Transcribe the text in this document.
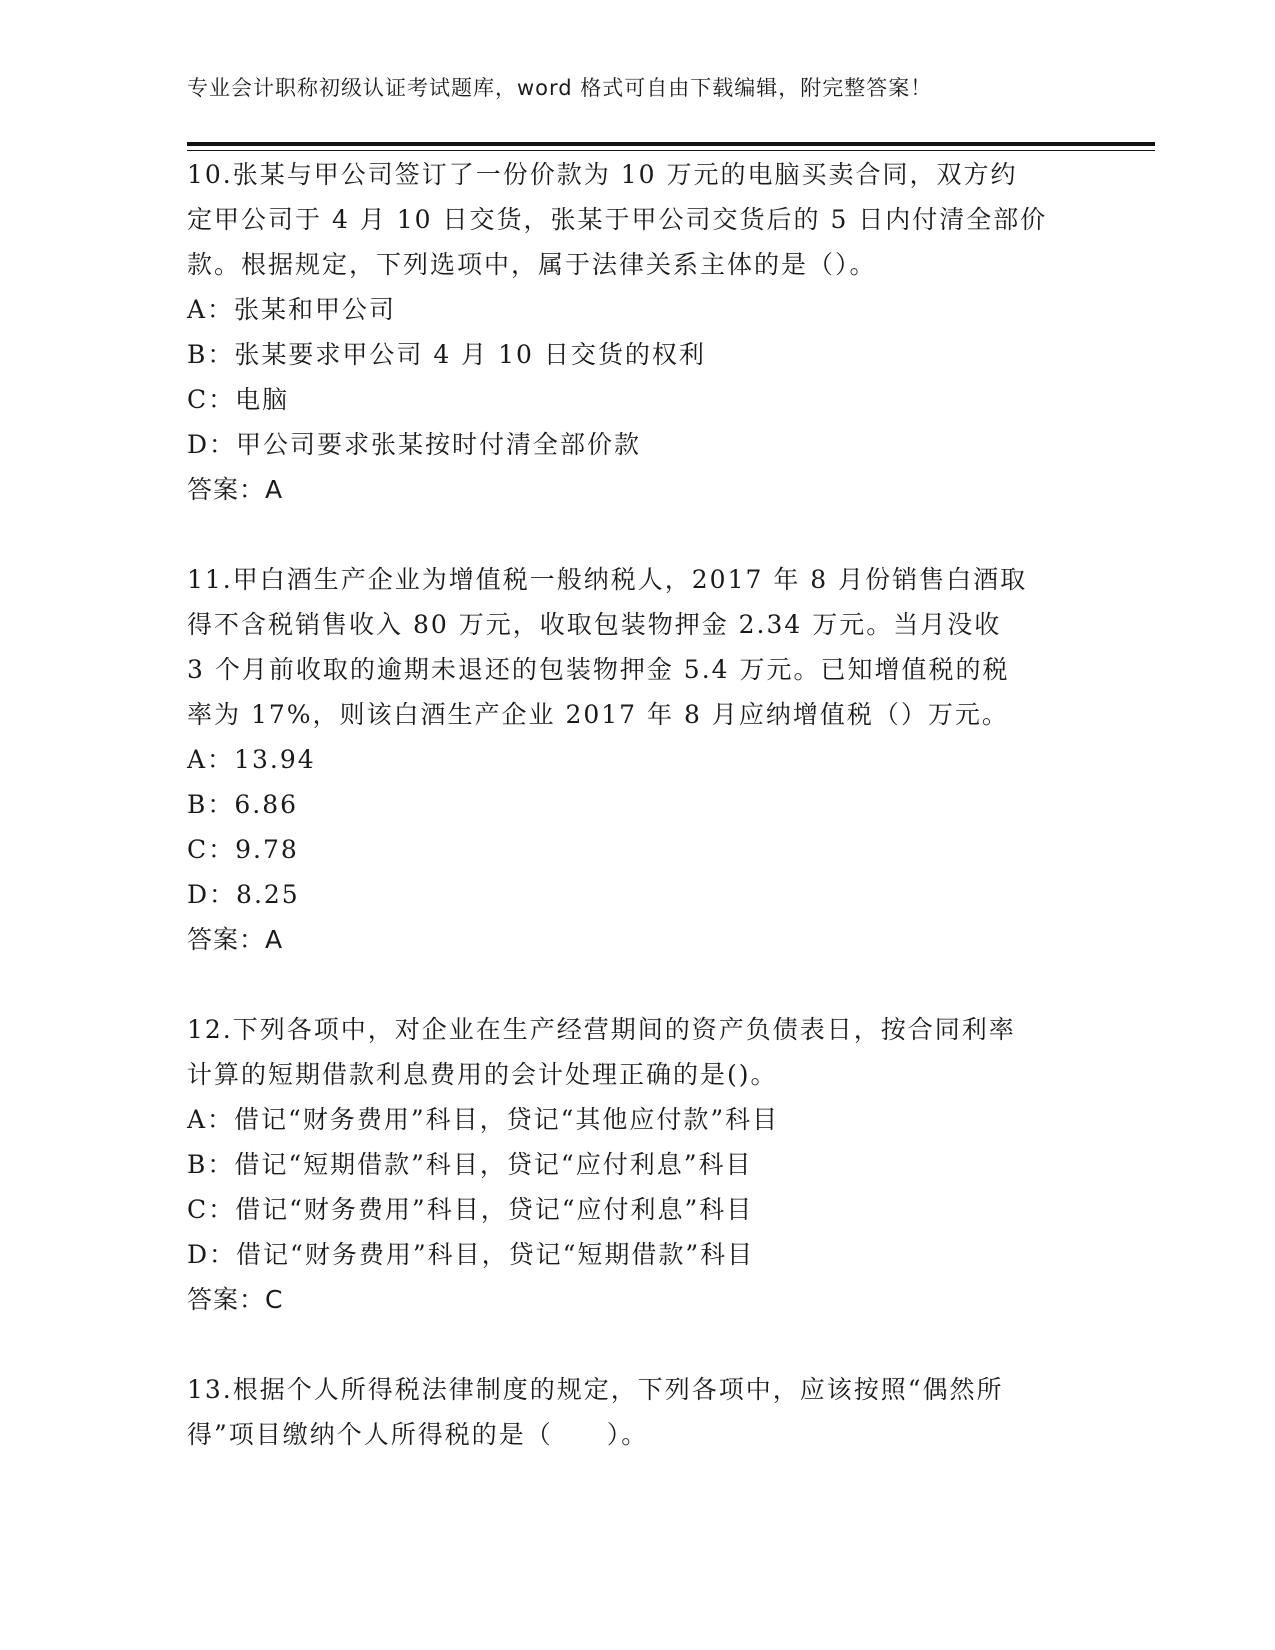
专业会计职称初级认证考试题库，word 格式可自由下载编辑，附完整答案！
10.张某与甲公司签订了一份价款为 10 万元的电脑买卖合同，双方约
定甲公司于 4 月 10 日交货，张某于甲公司交货后的 5 日内付清全部价
款。根据规定，下列选项中，属于法律关系主体的是（）。
A：张某和甲公司
B：张某要求甲公司 4 月 10 日交货的权利
C：电脑
D：甲公司要求张某按时付清全部价款
答案：A
11.甲白酒生产企业为增值税一般纳税人，2017 年 8 月份销售白酒取
得不含税销售收入 80 万元，收取包装物押金 2.34 万元。当月没收
3 个月前收取的逾期未退还的包装物押金 5.4 万元。已知增值税的税
率为 17%，则该白酒生产企业 2017 年 8 月应纳增值税（）万元。
A：13.94
B：6.86
C：9.78
D：8.25
答案：A
12.下列各项中，对企业在生产经营期间的资产负债表日，按合同利率
计算的短期借款利息费用的会计处理正确的是()。
A：借记“财务费用”科目，贷记“其他应付款”科目
B：借记“短期借款”科目，贷记“应付利息”科目
C：借记“财务费用”科目，贷记“应付利息”科目
D：借记“财务费用”科目，贷记“短期借款”科目
答案：C
13.根据个人所得税法律制度的规定，下列各项中，应该按照“偶然所
得”项目缴纳个人所得税的是（　　）。
